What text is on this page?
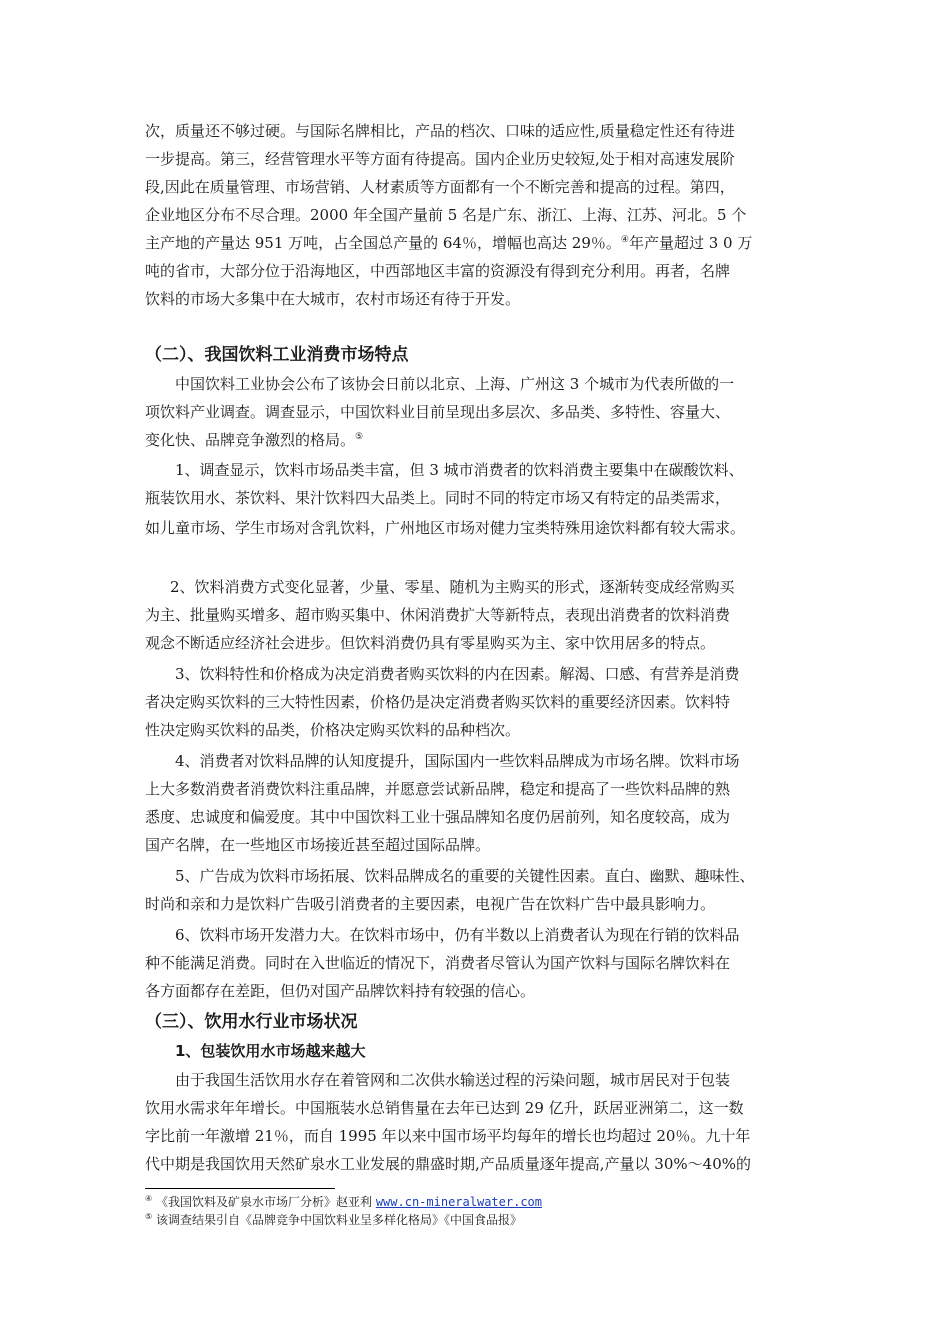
次，质量还不够过硬。与国际名牌相比，产品的档次、口味的适应性,质量稳定性还有待进
一步提高。第三，经营管理水平等方面有待提高。国内企业历史较短,处于相对高速发展阶
段,因此在质量管理、市场营销、人材素质等方面都有一个不断完善和提高的过程。第四，
企业地区分布不尽合理。2000 年全国产量前 5 名是广东、浙江、上海、江苏、河北。5 个
主产地的产量达 951 万吨，占全国总产量的 64％，增幅也高达 29％。④年产量超过 3 0 万
吨的省市，大部分位于沿海地区，中西部地区丰富的资源没有得到充分利用。再者，名牌
饮料的市场大多集中在大城市，农村市场还有待于开发。
（二）、我国饮料工业消费市场特点
中国饮料工业协会公布了该协会日前以北京、上海、广州这 3 个城市为代表所做的一
项饮料产业调查。调查显示，中国饮料业目前呈现出多层次、多品类、多特性、容量大、
变化快、品牌竞争激烈的格局。⑤
1、调查显示，饮料市场品类丰富，但 3 城市消费者的饮料消费主要集中在碳酸饮料、
瓶装饮用水、茶饮料、果汁饮料四大品类上。同时不同的特定市场又有特定的品类需求，
如儿童市场、学生市场对含乳饮料，广州地区市场对健力宝类特殊用途饮料都有较大需求。
2、饮料消费方式变化显著，少量、零星、随机为主购买的形式，逐渐转变成经常购买
为主、批量购买增多、超市购买集中、休闲消费扩大等新特点，表现出消费者的饮料消费
观念不断适应经济社会进步。但饮料消费仍具有零星购买为主、家中饮用居多的特点。
3、饮料特性和价格成为决定消费者购买饮料的内在因素。解渴、口感、有营养是消费
者决定购买饮料的三大特性因素，价格仍是决定消费者购买饮料的重要经济因素。饮料特
性决定购买饮料的品类，价格决定购买饮料的品种档次。
4、消费者对饮料品牌的认知度提升，国际国内一些饮料品牌成为市场名牌。饮料市场
上大多数消费者消费饮料注重品牌，并愿意尝试新品牌，稳定和提高了一些饮料品牌的熟
悉度、忠诚度和偏爱度。其中中国饮料工业十强品牌知名度仍居前列，知名度较高，成为
国产名牌，在一些地区市场接近甚至超过国际品牌。
5、广告成为饮料市场拓展、饮料品牌成名的重要的关键性因素。直白、幽默、趣味性、
时尚和亲和力是饮料广告吸引消费者的主要因素，电视广告在饮料广告中最具影响力。
6、饮料市场开发潜力大。在饮料市场中，仍有半数以上消费者认为现在行销的饮料品
种不能满足消费。同时在入世临近的情况下，消费者尽管认为国产饮料与国际名牌饮料在
各方面都存在差距，但仍对国产品牌饮料持有较强的信心。
（三）、饮用水行业市场状况
1、包装饮用水市场越来越大
由于我国生活饮用水存在着管网和二次供水输送过程的污染问题，城市居民对于包装
饮用水需求年年增长。中国瓶装水总销售量在去年已达到 29 亿升，跃居亚洲第二，这一数
字比前一年激增 21％，而自 1995 年以来中国市场平均每年的增长也均超过 20％。九十年
代中期是我国饮用天然矿泉水工业发展的鼎盛时期,产品质量逐年提高,产量以 30%～40%的
④ 《我国饮料及矿泉水市场厂分析》赵亚利 www.cn-mineralwater.com
⑤ 该调查结果引自《品牌竞争中国饮料业呈多样化格局》《中国食品报》
